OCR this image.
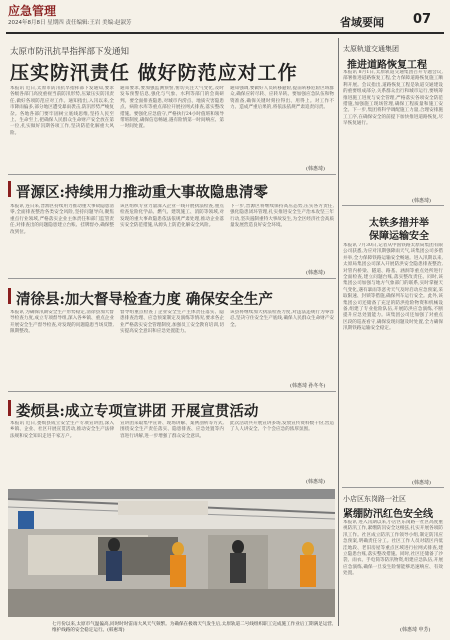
应急管理
2024年8月8日 星期四 责任编辑:王岩 美编:赵淑芳	省域要闻 07
太原市防汛抗旱指挥部下发通知
压实防汛责任 做好防范应对工作
本报讯 近日,太原市防汛抗旱指挥部下发通知,要求各级各部门高度重视当前防汛形势,压紧压实防汛责任,做好各项防范应对工作。通知指出,入汛以来,全市降雨偏多,部分地区遭受暴雨袭击,防汛形势严峻复杂。各地各部门要牢固树立底线思维,坚持人民至上、生命至上,把确保人民群众生命财产安全放在第一位,扎实做好汛期各项工作,坚决防范化解重大风险。
通知要求,要加强监测预警,密切关注天气变化,及时发布预警信息,强化与气象、水利等部门的会商研判。要全面排查隐患,对城市内涝点、地质灾害隐患点、病险水库等重点部位开展拉网式排查,落实整改措施。要强化应急值守,严格执行24小时值班和领导带班制度,确保信息畅通,遇有险情第一时间响应、第一时间处置。
通知强调,要做好人员转移避险,提前转移危险区域群众,确保应转尽转、应转早转。要加强应急队伍和物资准备,确保关键时刻拉得出、用得上。对工作不力、造成严重后果的,将依法依规严肃追责问责。
(韩惠琦)
晋源区:持续用力推动重大事故隐患清零
本报讯 连日来,晋源区持续用力推动重大事故隐患清零,全面排查整治各类安全风险,坚持问题导向,聚焦重点行业领域,严格落实企业主体责任和部门监管责任,对排查出的问题隐患建立台账、挂牌督办,确保整改到位。
该区组织专业力量深入企业一线开展执法检查,重点检查危险化学品、燃气、建筑施工、消防等领域,对发现的重大事故隐患依法依规严肃处理,推动企业落实安全防范措施,从源头上防范化解安全风险。
下一步,晋源区将继续保持高压态势,压实各方责任,强化隐患闭环管理,扎实推进安全生产治本攻坚三年行动,坚决遏制重特大事故发生,为全区经济社会高质量发展营造良好安全环境。
(韩惠琦)
清徐县:加大督导检查力度 确保安全生产
本报讯 为确保汛期安全生产形势稳定,清徐县加大督导检查力度,成立专项督导组,深入各乡镇、重点企业开展安全生产督导检查,对发现的问题隐患当场反馈,限期整改。
督导组重点检查了企业安全生产主体责任落实、隐患排查治理、应急预案制定及演练等情况,要求各企业严格落实安全管理制度,加强员工安全教育培训,切实提高安全意识和应急处置能力。
该县将继续加大执法检查力度,对违法违规行为零容忍,坚决守住安全生产底线,确保人民群众生命财产安全。
(韩惠琦 孙冬冬)
娄烦县:成立专项宣讲团 开展宣贯活动
本报讯 近日,娄烦县成立安全生产专项宣讲团,深入乡镇、企业、社区开展宣贯活动,推动安全生产法律法规和安全知识走进千家万户。
宣讲团采取集中宣讲、现场讲解、案例剖析等方式,围绕安全生产责任落实、隐患排查、应急处置等内容进行讲解,进一步增强了群众安全意识。
此次活动共开展宣讲多场,发放宣传资料数千份,营造了人人讲安全、个个会应急的浓厚氛围。
(韩惠琦)
七月份以来,太原市气温偏高,同时时时雷雨大风天气频繁。为确保在极端天气发生后,太原轨道二号线组织职工完成施工作业后工期满足运营,维护线路的安全稳定运行。(韩惠琦)
太原轨道交通集团
推进道路恢复工程
本报讯 8月1日,太原轨道交通集团召开专题会议,部署推进道路恢复工程,全力保障道路恢复施工顺利开展。会议指出,道路恢复工程是轨道交通建设的重要组成部分,关系群众出行和城市运行,要统筹推进施工进度与安全管理,严格落实各项安全防范措施,加强施工现场管理,确保工程质量和施工安全。下一步,集团将科学调配施工力量,合理安排施工工序,在确保安全的前提下加快推进道路恢复,尽早恢复通行。
(韩惠琦)
太铁多措并举
保障运输安全
本报讯 7月30日,记者从中国铁路太原局集团有限公司获悉,为应对汛期强降雨天气,该集团公司多措并举,全力保障铁路运输安全畅通。进入汛期以来,太原局集团公司深入开展防洪安全隐患排查整治,对管内桥梁、隧道、路基、涵洞等重点处所进行全面检查,建立问题台账,落实整改责任。同时,该集团公司加强与地方气象部门的联系,实时掌握天气变化,遇有暴雨等恶劣天气及时启动应急预案,采取限速、封锁等措施,确保列车运行安全。此外,该集团公司还储备了充足的防洪抢险物资和机械设备,组建了专业抢险队伍,开展防洪应急演练,不断提升应急处置能力。该集团公司还加强了对重点区段的巡查看守,确保发现问题及时处置,全力确保汛期铁路运输安全稳定。
(韩惠琦)
小店区东岗路一社区
紧绷防汛红色安全线
本报讯 进入汛期以来,小店区东岗路一社区高度重视防汛工作,紧绷防汛安全这根弦,扎实开展各项防汛工作。社区成立防汛工作领导小组,制定防汛应急预案,明确责任分工。社区工作人员对辖区内低洼地段、老旧房屋等重点区域进行拉网式排查,建立隐患台账,落实整改措施。同时,社区还储备了沙袋、雨衣、手电筒等防汛物资,组建应急队伍,开展应急演练,确保一旦发生险情能够迅速响应、有效处置。
(韩惠琦 申芳)
